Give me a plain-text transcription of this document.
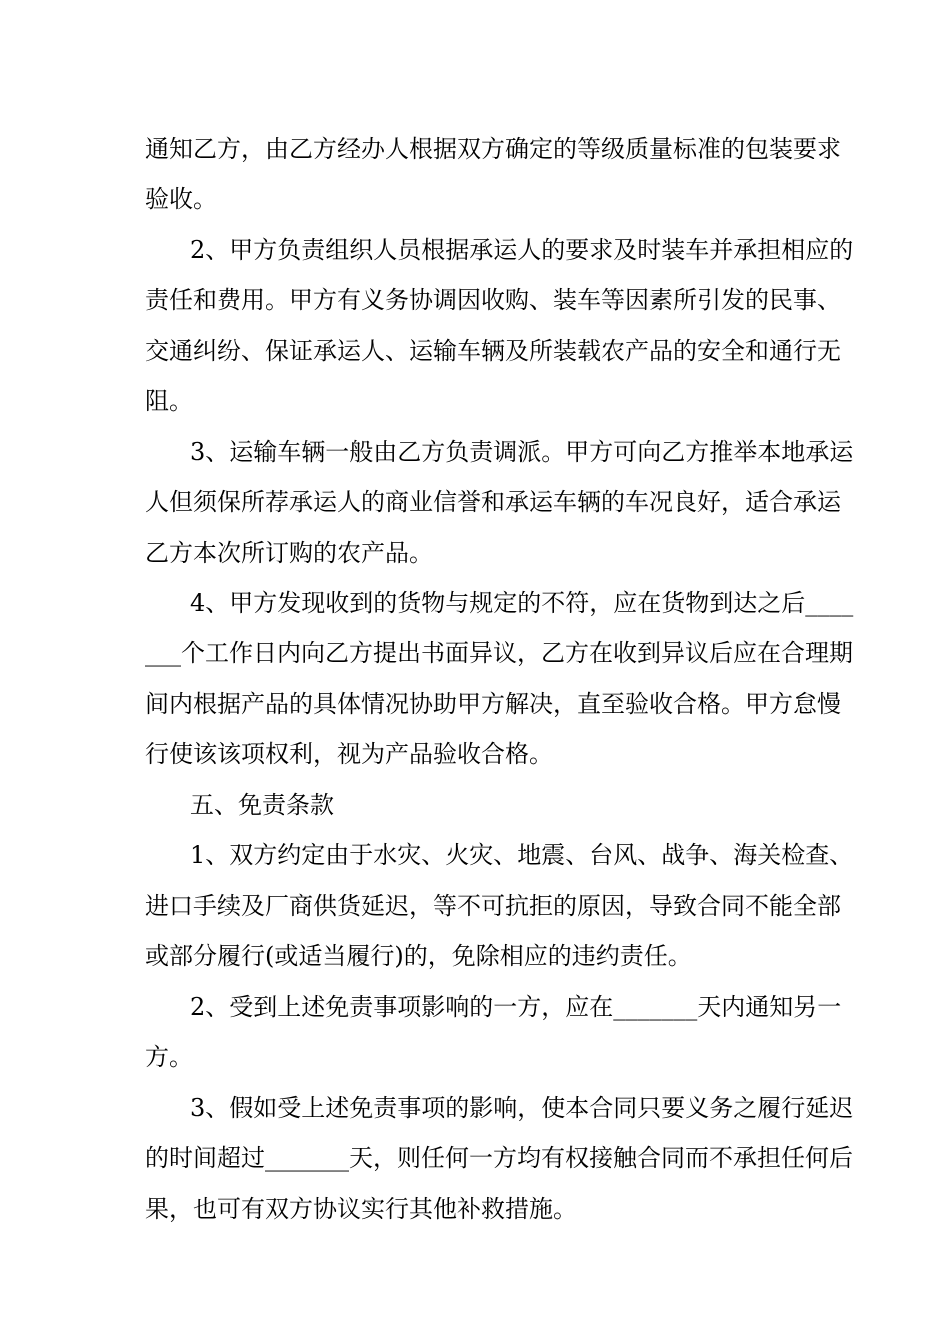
通知乙方，由乙方经办人根据双方确定的等级质量标准的包装要求
验收。
2、甲方负责组织人员根据承运人的要求及时装车并承担相应的
责任和费用。甲方有义务协调因收购、装车等因素所引发的民事、
交通纠纷、保证承运人、运输车辆及所装载农产品的安全和通行无
阻。
3、运输车辆一般由乙方负责调派。甲方可向乙方推举本地承运
人但须保所荐承运人的商业信誉和承运车辆的车况良好，适合承运
乙方本次所订购的农产品。
4、甲方发现收到的货物与规定的不符，应在货物到达之后____
___个工作日内向乙方提出书面异议，乙方在收到异议后应在合理期
间内根据产品的具体情况协助甲方解决，直至验收合格。甲方怠慢
行使该该项权利，视为产品验收合格。
五、免责条款
1、双方约定由于水灾、火灾、地震、台风、战争、海关检查、
进口手续及厂商供货延迟，等不可抗拒的原因，导致合同不能全部
或部分履行(或适当履行)的，免除相应的违约责任。
2、受到上述免责事项影响的一方，应在_______天内通知另一
方。
3、假如受上述免责事项的影响，使本合同只要义务之履行延迟
的时间超过_______天，则任何一方均有权接触合同而不承担任何后
果，也可有双方协议实行其他补救措施。
